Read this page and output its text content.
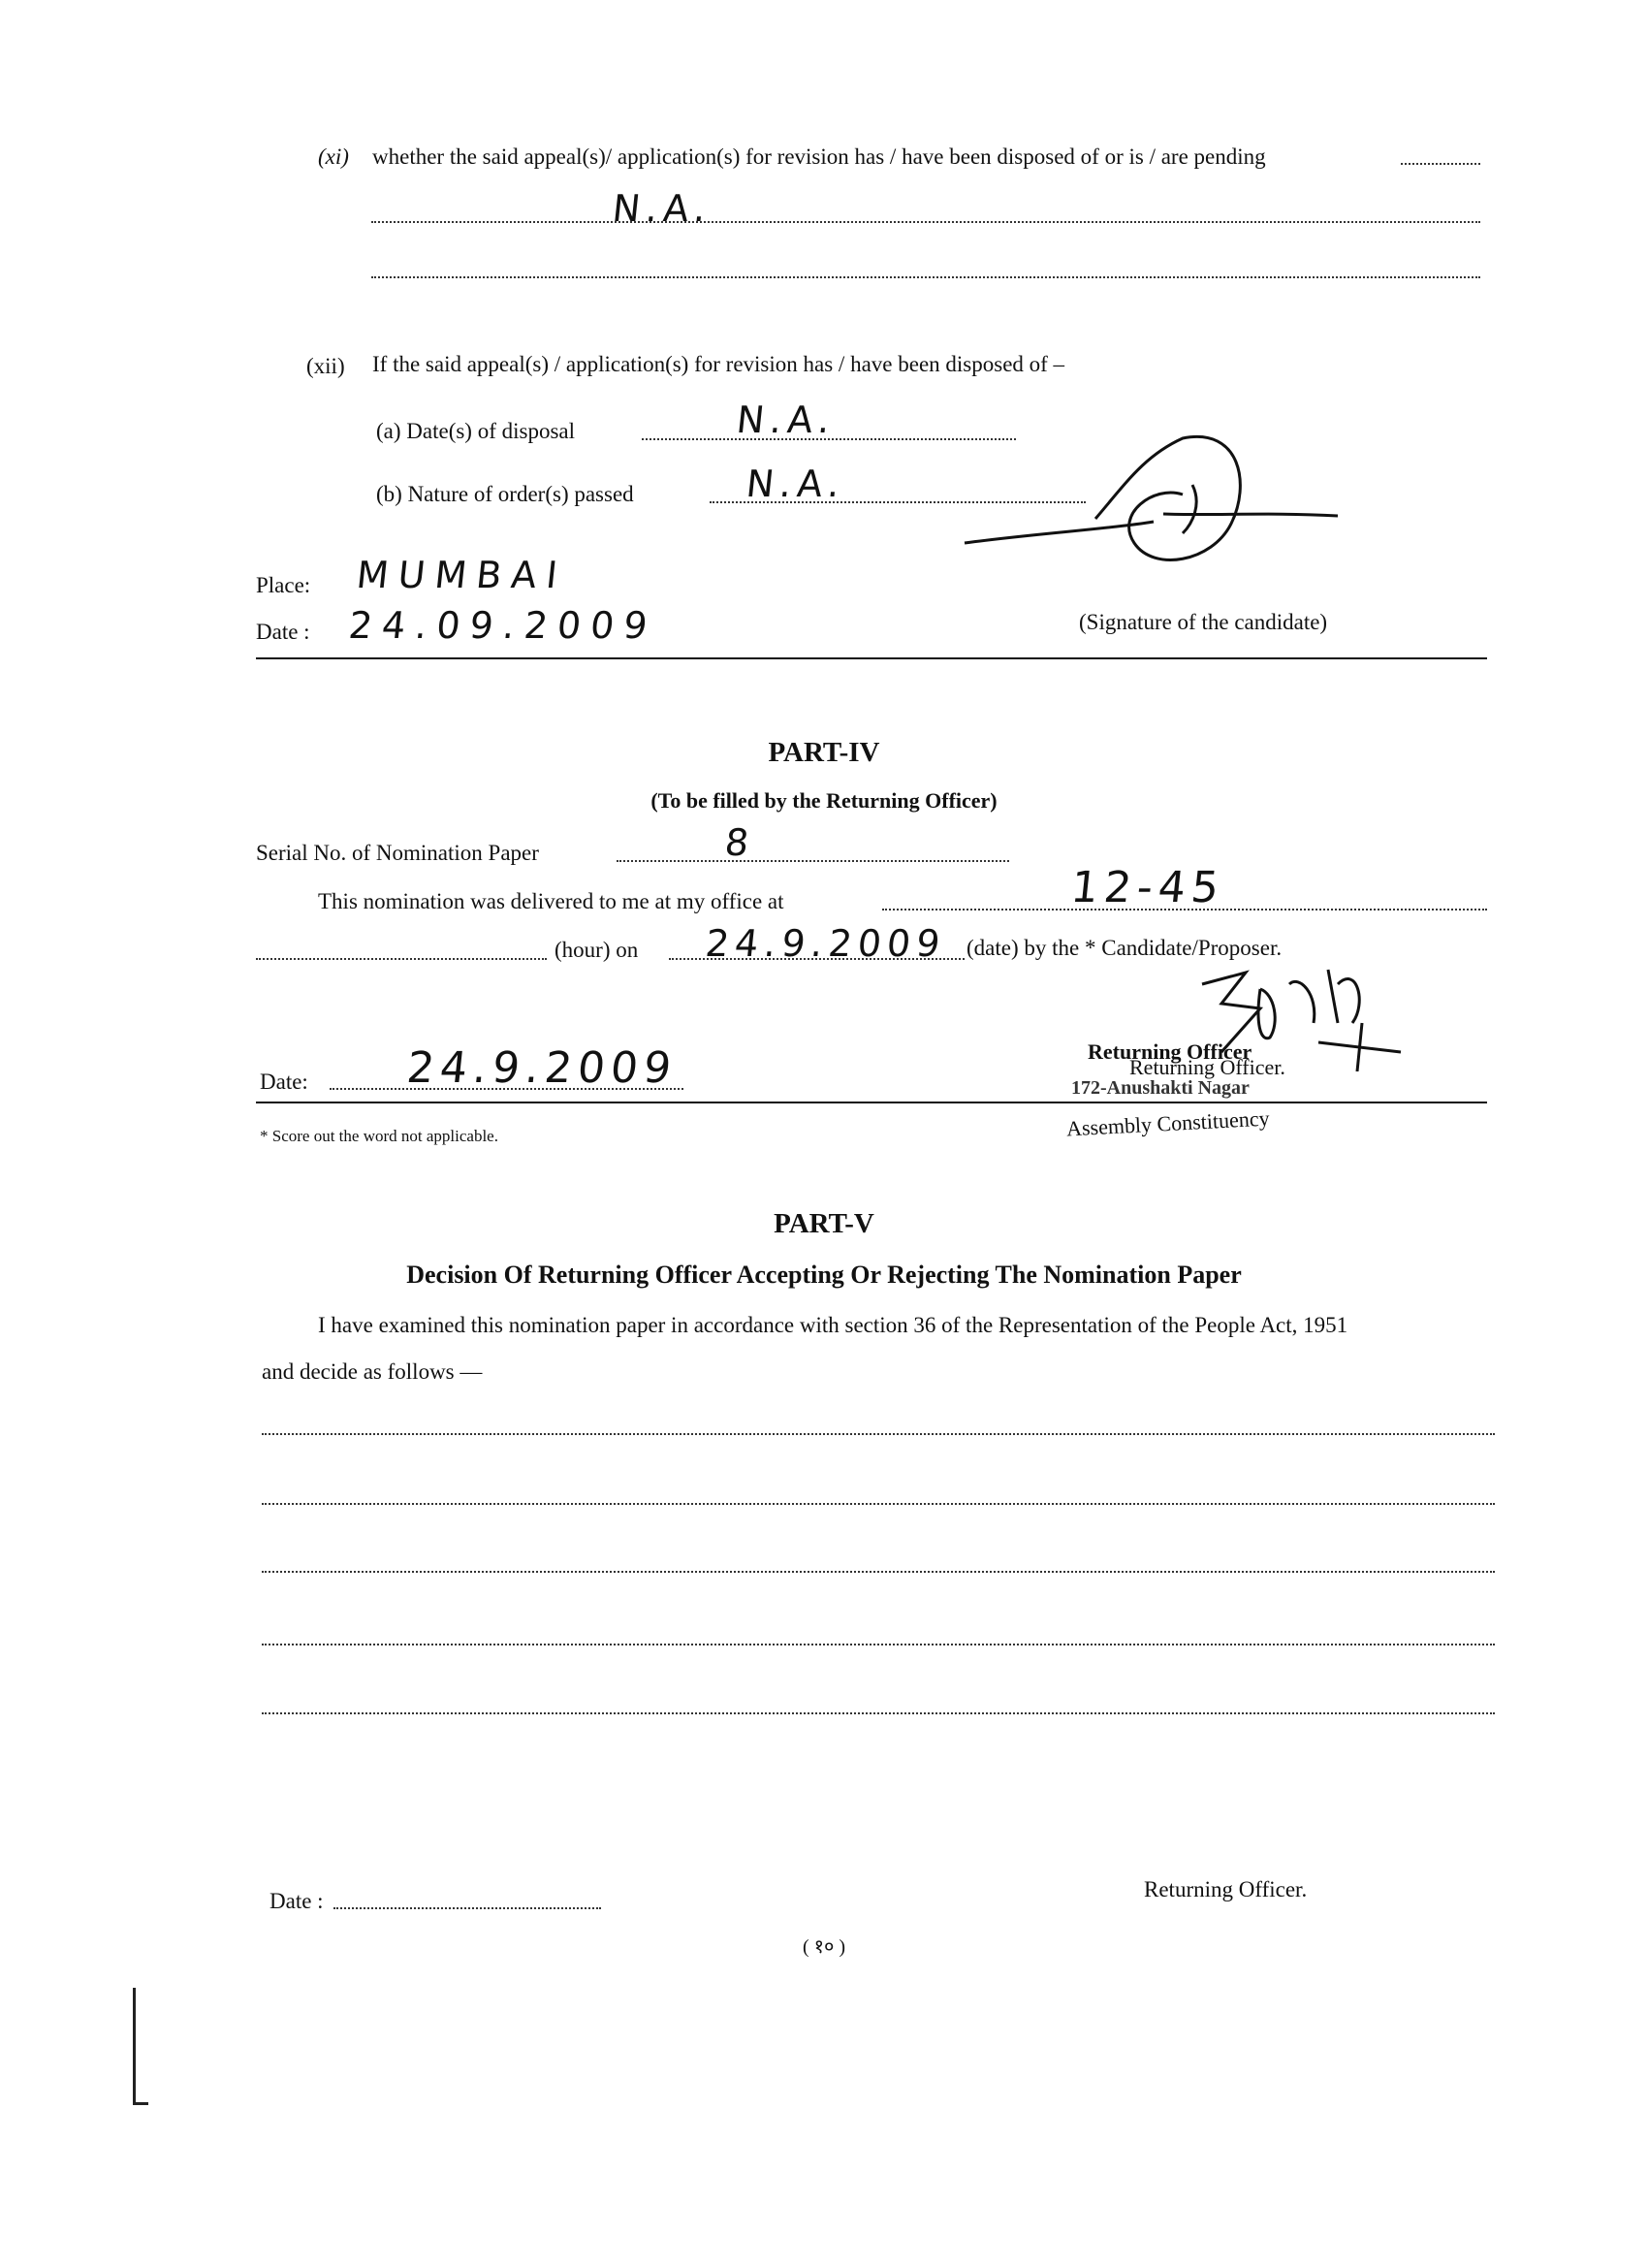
(xi) whether the said appeal(s)/ application(s) for revision has / have been disposed of or is / are pending
N.A.
(xii) If the said appeal(s) / application(s) for revision has / have been disposed of –
(a) Date(s) of disposal	N.A.
(b) Nature of order(s) passed	N.A.
Place: MUMBAI
Date : 24.09.2009	(Signature of the candidate)
PART-IV
(To be filled by the Returning Officer)
Serial No. of Nomination Paper	8
This nomination was delivered to me at my office at	12-45
(hour) on 24.9.2009 (date) by the * Candidate/Proposer.
Date: 24.9.2009	Returning Officer
Returning Officer.
172-Anushakti Nagar
Assembly Constituency
* Score out the word not applicable.
PART-V
Decision Of Returning Officer Accepting Or Rejecting The Nomination Paper
I have examined this nomination paper in accordance with section 36 of the Representation of the People Act, 1951
and decide as follows —
Date :	Returning Officer.
( १० )
